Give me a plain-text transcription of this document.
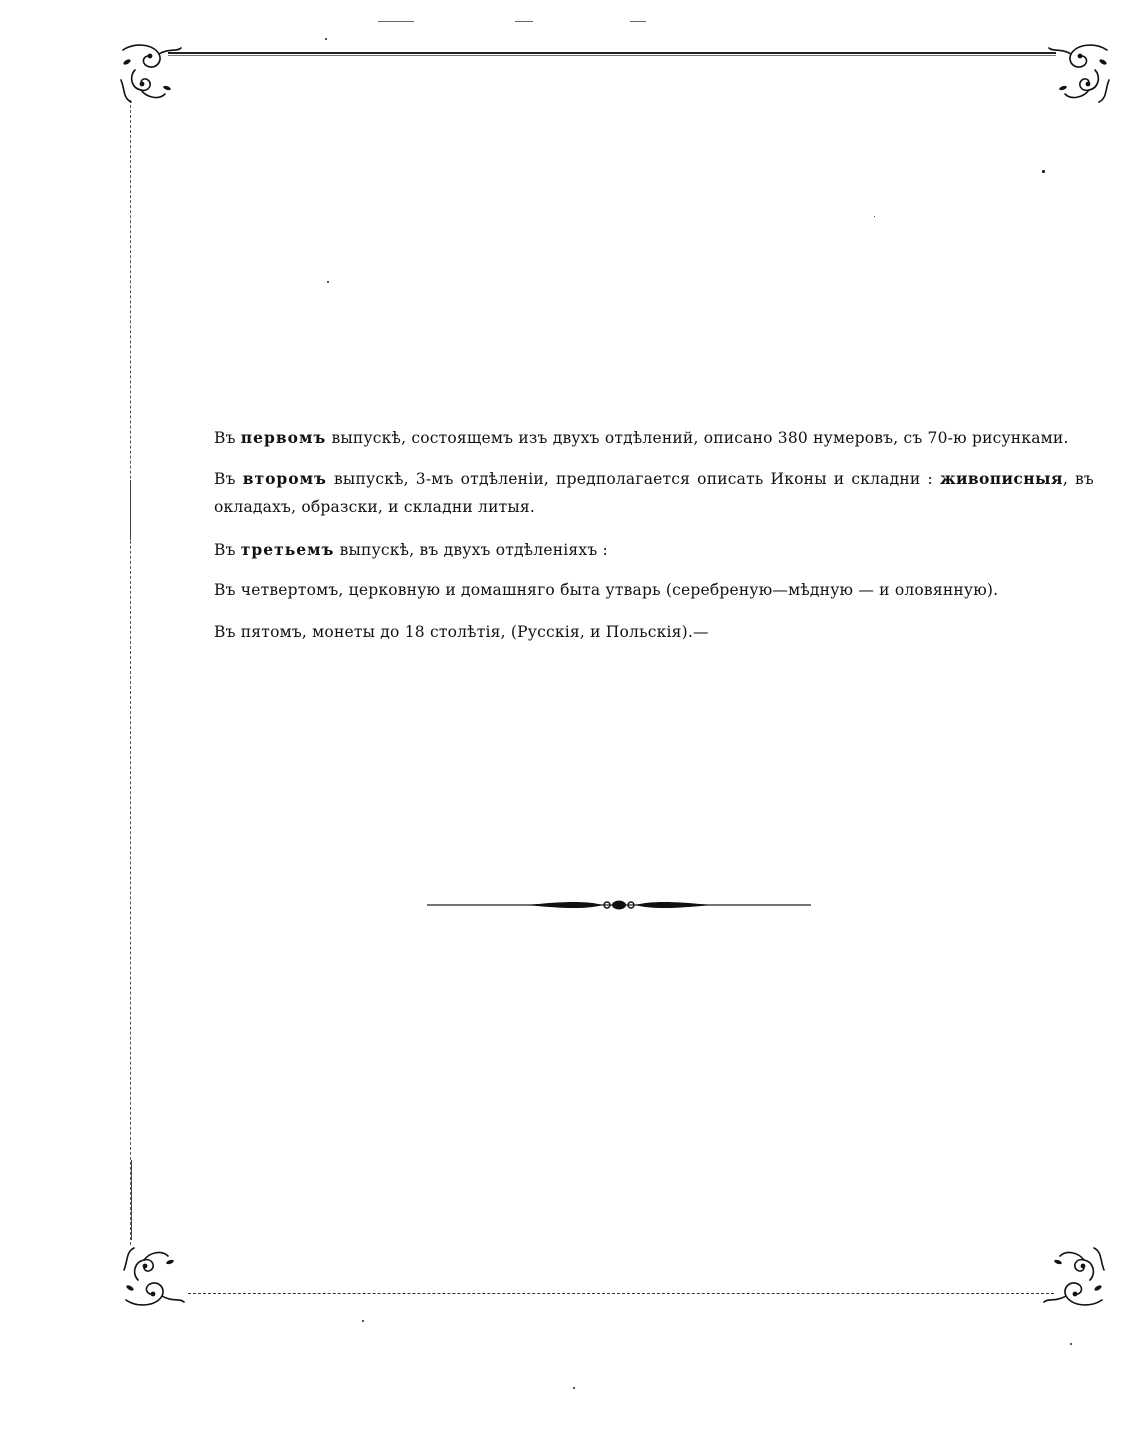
Въ первомъ выпускѣ, состоящемъ изъ двухъ отдѣлений, описано 380 нумеровъ, съ 70-ю рисунками.
Въ второмъ выпускѣ, 3-мъ отдѣленiи, предполагается описать Иконы и складни : живописныя, въ окладахъ, образски, и складни литыя.
Въ третьемъ выпускѣ, въ двухъ отдѣленiяхъ :
Въ четвертомъ, церковную и домашняго быта утварь (серебреную—мѣдную — и оловянную).
Въ пятомъ, монеты до 18 столѣтiя, (Русскiя, и Польскiя).—
